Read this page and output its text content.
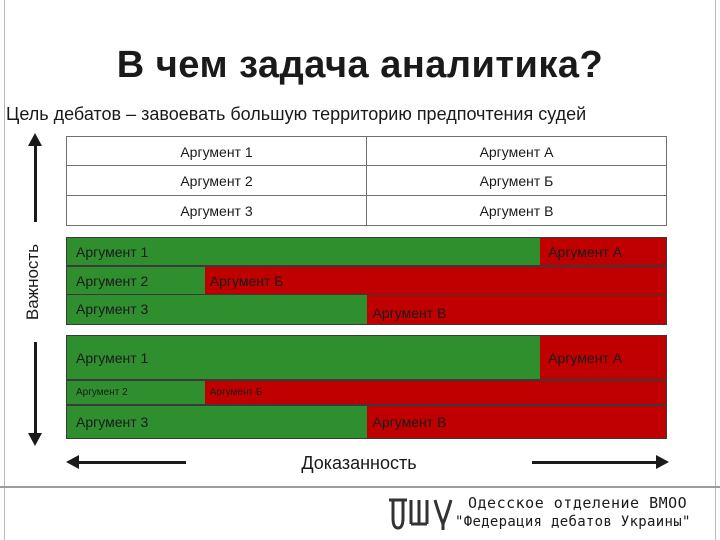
В чем задача аналитика?
Цель дебатов – завоевать большую территорию предпочтения судей
Важность
Аргумент 1	Аргумент А
Аргумент 2	Аргумент Б
Аргумент 3	Аргумент В
Аргумент 1	Аргумент А
Аргумент 2	Аргумент Б
Аргумент 3	Аргумент В
Аргумент 1	Аргумент А
Аргумент 2	Аргумент Б
Аргумент 3	Аргумент В
Доказанность
Одесское отделение ВМОО
"Федерация дебатов Украины"
